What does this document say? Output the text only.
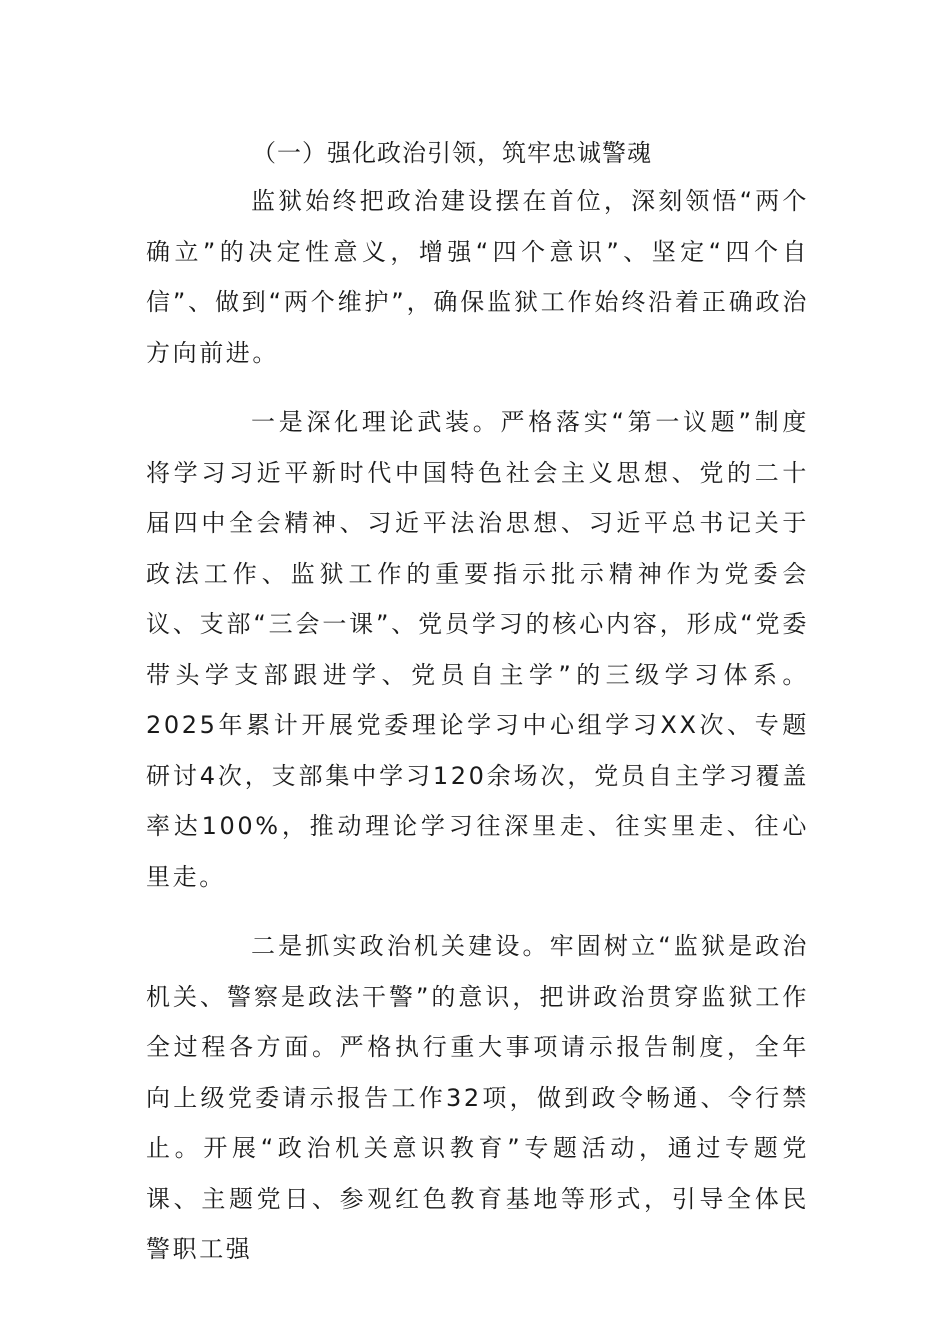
（一）强化政治引领，筑牢忠诚警魂

监狱始终把政治建设摆在首位，深刻领悟“两个确立”的决定性意义，增强“四个意识”、坚定“四个自信”、做到“两个维护”，确保监狱工作始终沿着正确政治方向前进。

一是深化理论武装。严格落实“第一议题”制度将学习习近平新时代中国特色社会主义思想、党的二十届四中全会精神、习近平法治思想、习近平总书记关于政法工作、监狱工作的重要指示批示精神作为党委会议、支部“三会一课”、党员学习的核心内容，形成“党委带头学支部跟进学、党员自主学”的三级学习体系。2025年累计开展党委理论学习中心组学习XX次、专题研讨4次，支部集中学习120余场次，党员自主学习覆盖率达100%，推动理论学习往深里走、往实里走、往心里走。

二是抓实政治机关建设。牢固树立“监狱是政治机关、警察是政法干警”的意识，把讲政治贯穿监狱工作全过程各方面。严格执行重大事项请示报告制度，全年向上级党委请示报告工作32项，做到政令畅通、令行禁止。开展“政治机关意识教育”专题活动，通过专题党课、主题党日、参观红色教育基地等形式，引导全体民警职工强
